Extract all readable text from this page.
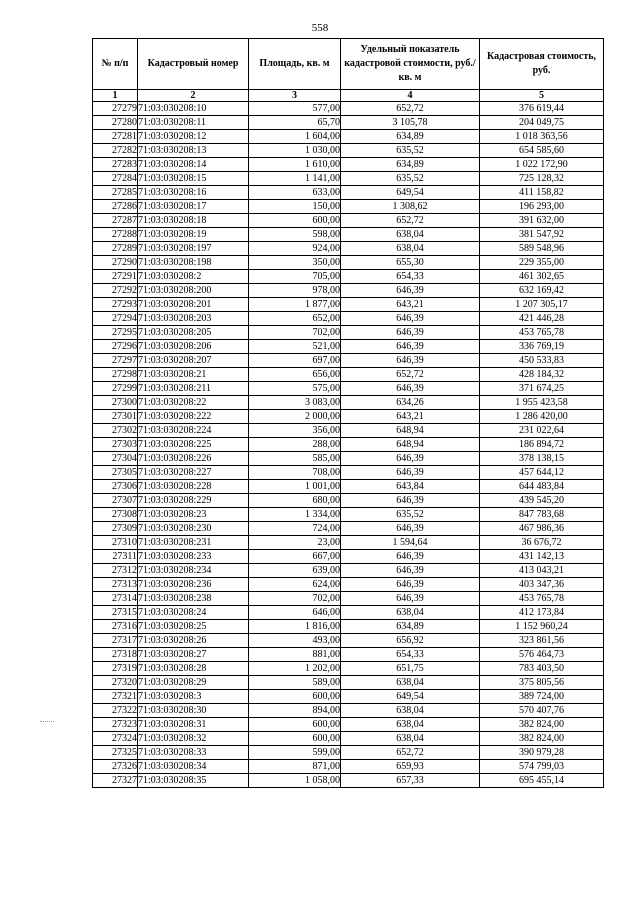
558
№ п/п	Кадастровый номер	Площадь, кв. м	Удельный показатель кадастровой стоимости, руб./кв. м	Кадастровая стоимость, руб.
1	2	3	4	5
27279	71:03:030208:10	577,00	652,72	376 619,44
27280	71:03:030208:11	65,70	3 105,78	204 049,75
27281	71:03:030208:12	1 604,00	634,89	1 018 363,56
27282	71:03:030208:13	1 030,00	635,52	654 585,60
27283	71:03:030208:14	1 610,00	634,89	1 022 172,90
27284	71:03:030208:15	1 141,00	635,52	725 128,32
27285	71:03:030208:16	633,00	649,54	411 158,82
27286	71:03:030208:17	150,00	1 308,62	196 293,00
27287	71:03:030208:18	600,00	652,72	391 632,00
27288	71:03:030208:19	598,00	638,04	381 547,92
27289	71:03:030208:197	924,00	638,04	589 548,96
27290	71:03:030208:198	350,00	655,30	229 355,00
27291	71:03:030208:2	705,00	654,33	461 302,65
27292	71:03:030208:200	978,00	646,39	632 169,42
27293	71:03:030208:201	1 877,00	643,21	1 207 305,17
27294	71:03:030208:203	652,00	646,39	421 446,28
27295	71:03:030208:205	702,00	646,39	453 765,78
27296	71:03:030208:206	521,00	646,39	336 769,19
27297	71:03:030208:207	697,00	646,39	450 533,83
27298	71:03:030208:21	656,00	652,72	428 184,32
27299	71:03:030208:211	575,00	646,39	371 674,25
27300	71:03:030208:22	3 083,00	634,26	1 955 423,58
27301	71:03:030208:222	2 000,00	643,21	1 286 420,00
27302	71:03:030208:224	356,00	648,94	231 022,64
27303	71:03:030208:225	288,00	648,94	186 894,72
27304	71:03:030208:226	585,00	646,39	378 138,15
27305	71:03:030208:227	708,00	646,39	457 644,12
27306	71:03:030208:228	1 001,00	643,84	644 483,84
27307	71:03:030208:229	680,00	646,39	439 545,20
27308	71:03:030208:23	1 334,00	635,52	847 783,68
27309	71:03:030208:230	724,00	646,39	467 986,36
27310	71:03:030208:231	23,00	1 594,64	36 676,72
27311	71:03:030208:233	667,00	646,39	431 142,13
27312	71:03:030208:234	639,00	646,39	413 043,21
27313	71:03:030208:236	624,00	646,39	403 347,36
27314	71:03:030208:238	702,00	646,39	453 765,78
27315	71:03:030208:24	646,00	638,04	412 173,84
27316	71:03:030208:25	1 816,00	634,89	1 152 960,24
27317	71:03:030208:26	493,00	656,92	323 861,56
27318	71:03:030208:27	881,00	654,33	576 464,73
27319	71:03:030208:28	1 202,00	651,75	783 403,50
27320	71:03:030208:29	589,00	638,04	375 805,56
27321	71:03:030208:3	600,00	649,54	389 724,00
27322	71:03:030208:30	894,00	638,04	570 407,76
27323	71:03:030208:31	600,00	638,04	382 824,00
27324	71:03:030208:32	600,00	638,04	382 824,00
27325	71:03:030208:33	599,00	652,72	390 979,28
27326	71:03:030208:34	871,00	659,93	574 799,03
27327	71:03:030208:35	1 058,00	657,33	695 455,14
